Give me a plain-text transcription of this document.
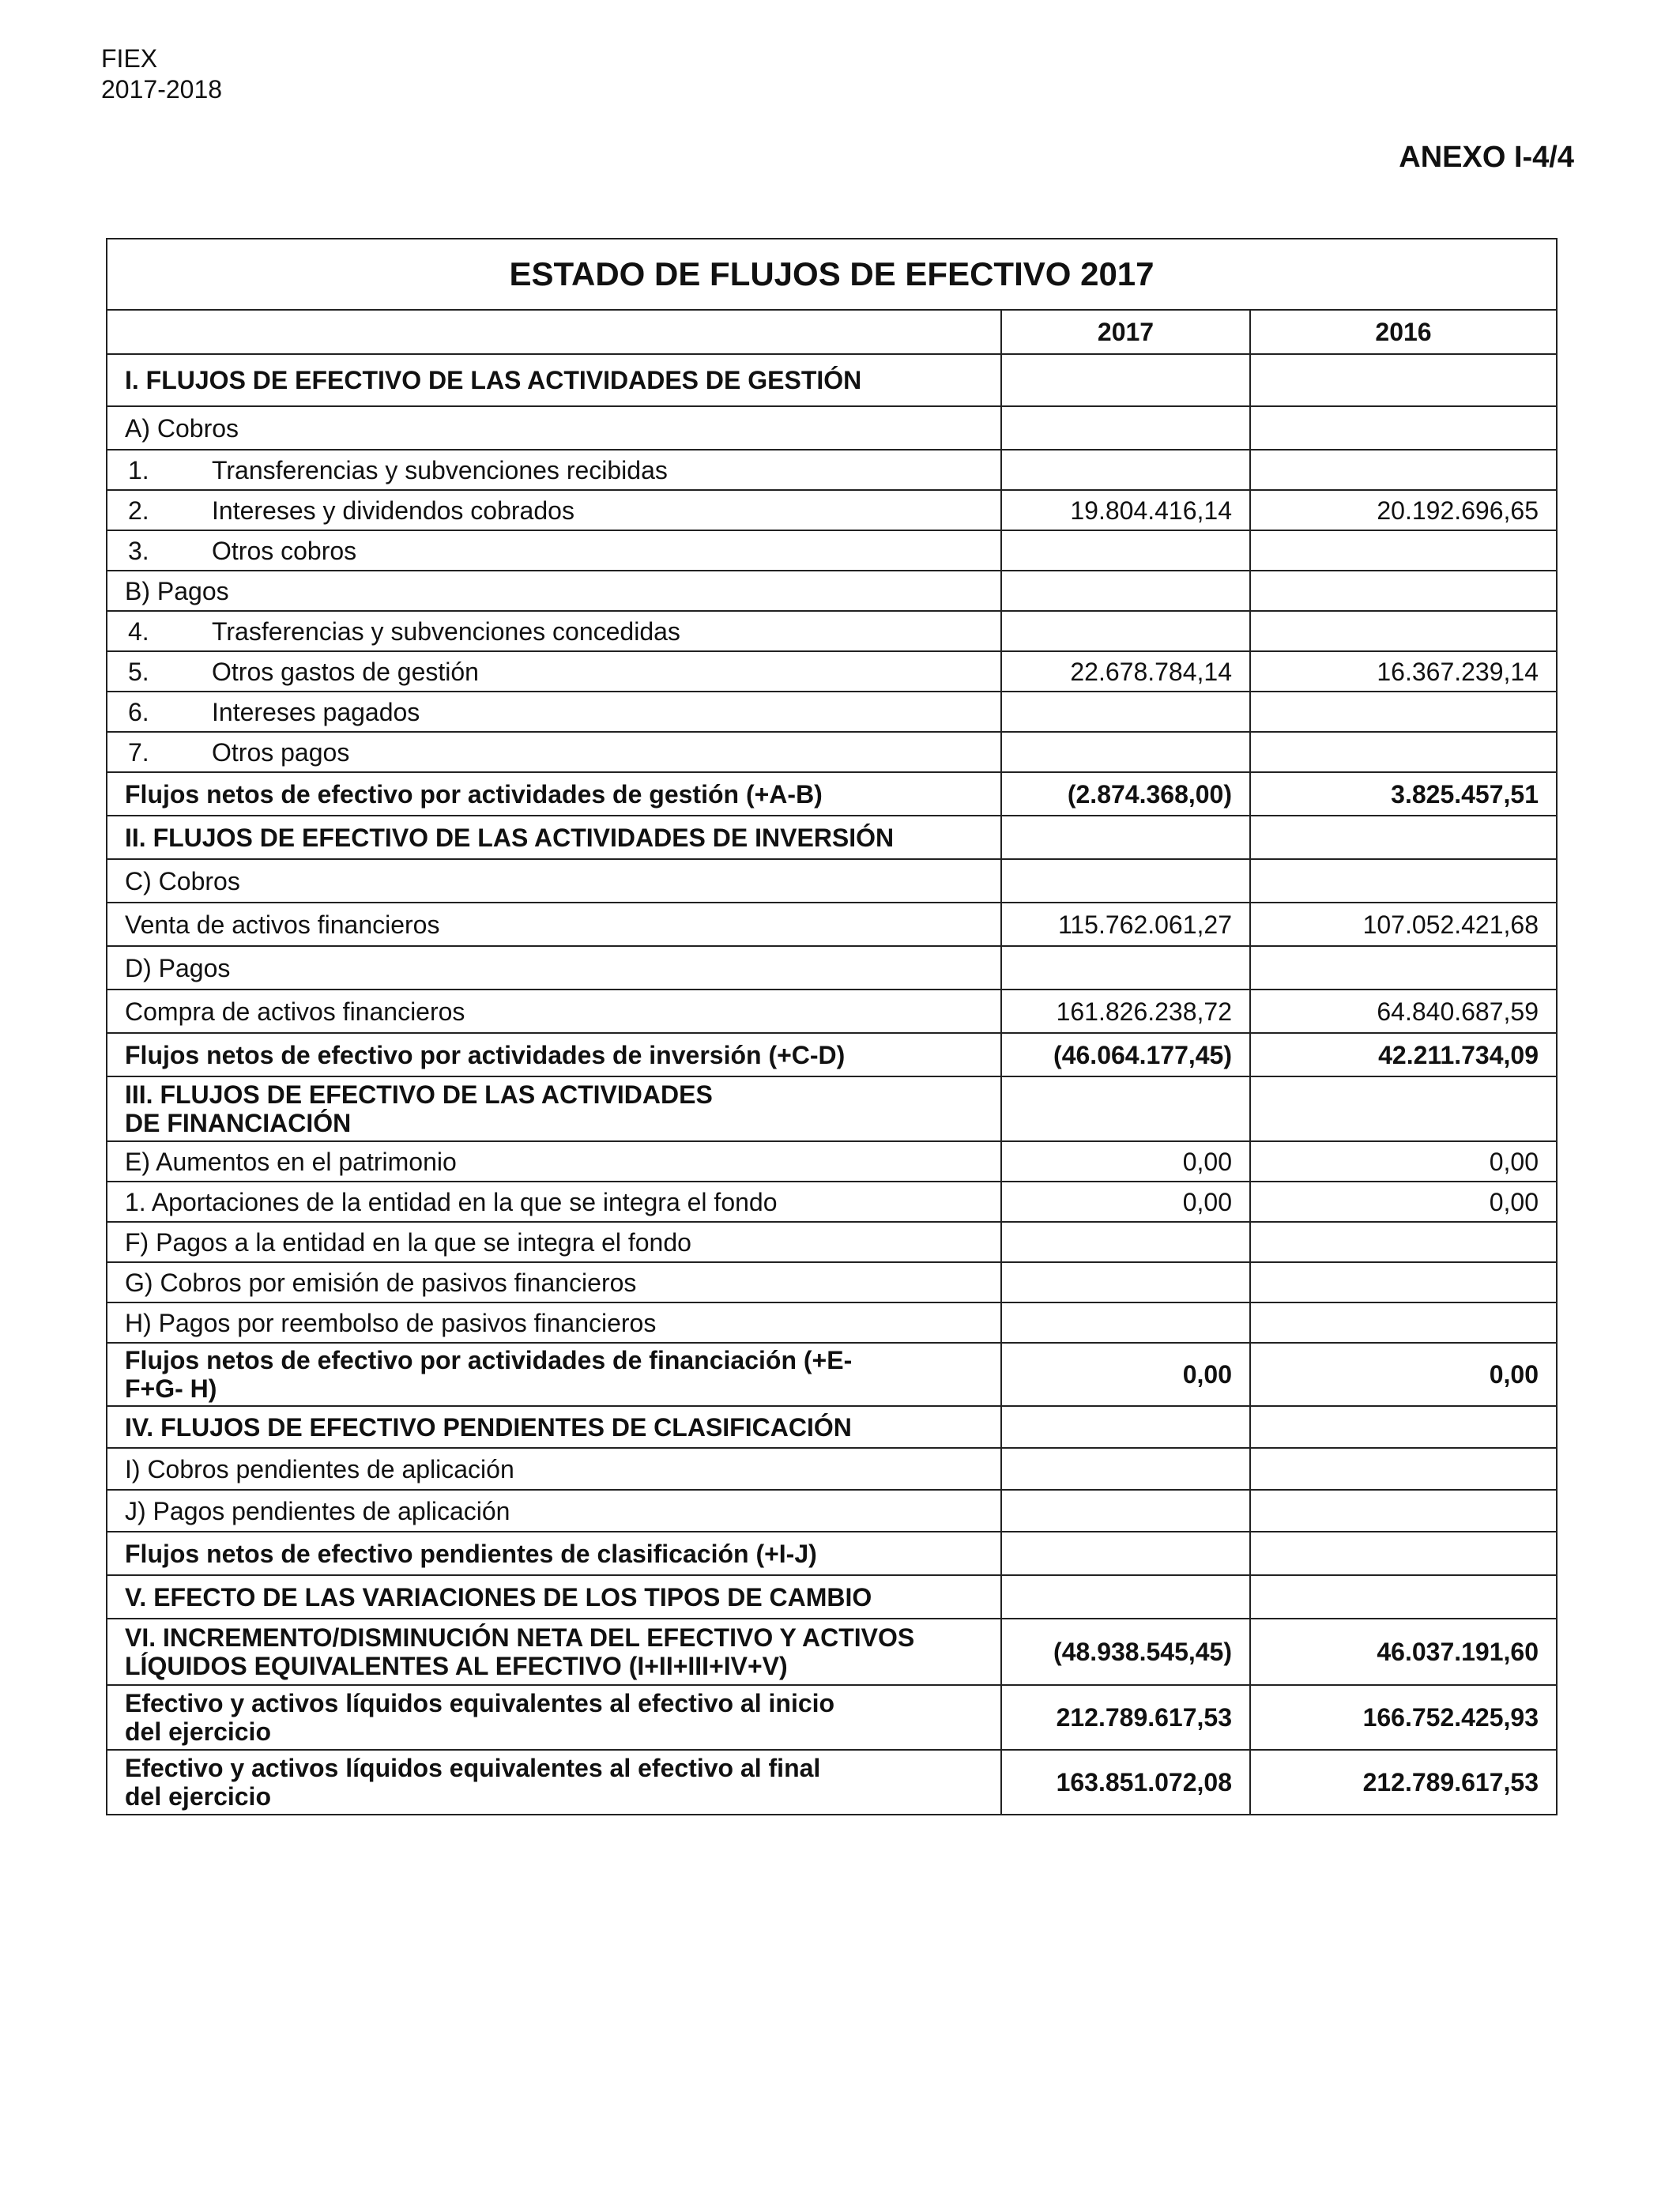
FIEX
2017-2018
ANEXO I-4/4
ESTADO DE FLUJOS DE EFECTIVO 2017		
	2017	2016
I. FLUJOS DE EFECTIVO DE LAS ACTIVIDADES DE GESTIÓN		
A) Cobros		
1. Transferencias y subvenciones recibidas		
2. Intereses y dividendos cobrados	19.804.416,14	20.192.696,65
3. Otros cobros		
B) Pagos		
4. Trasferencias y subvenciones concedidas		
5. Otros gastos de gestión	22.678.784,14	16.367.239,14
6. Intereses pagados		
7. Otros pagos		
Flujos netos de efectivo por actividades de gestión (+A-B)	(2.874.368,00)	3.825.457,51
II. FLUJOS DE EFECTIVO DE LAS ACTIVIDADES DE INVERSIÓN		
C) Cobros		
Venta de activos financieros	115.762.061,27	107.052.421,68
D) Pagos		
Compra de activos financieros	161.826.238,72	64.840.687,59
Flujos netos de efectivo por actividades de inversión (+C-D)	(46.064.177,45)	42.211.734,09

III. FLUJOS DE EFECTIVO DE LAS ACTIVIDADES
DE FINANCIACIÓN		

E) Aumentos en el patrimonio	0,00	0,00
1. Aportaciones de la entidad en la que se integra el fondo	0,00	0,00
F) Pagos a la entidad en la que se integra el fondo		
G) Cobros por emisión de pasivos financieros		
H) Pagos por reembolso de pasivos financieros		

Flujos netos de efectivo por actividades de financiación (+E-
F+G- H)	0,00	0,00
IV. FLUJOS DE EFECTIVO PENDIENTES DE CLASIFICACIÓN		
I) Cobros pendientes de aplicación		
J) Pagos pendientes de aplicación		
Flujos netos de efectivo pendientes de clasificación (+I-J)		
V. EFECTO DE LAS VARIACIONES DE LOS TIPOS DE CAMBIO		

VI. INCREMENTO/DISMINUCIÓN NETA DEL EFECTIVO Y ACTIVOS
LÍQUIDOS EQUIVALENTES AL EFECTIVO (I+II+III+IV+V)	(48.938.545,45)	46.037.191,60

Efectivo y activos líquidos equivalentes al efectivo al inicio
del ejercicio	212.789.617,53	166.752.425,93

Efectivo y activos líquidos equivalentes al efectivo al final
del ejercicio	163.851.072,08	212.789.617,53
